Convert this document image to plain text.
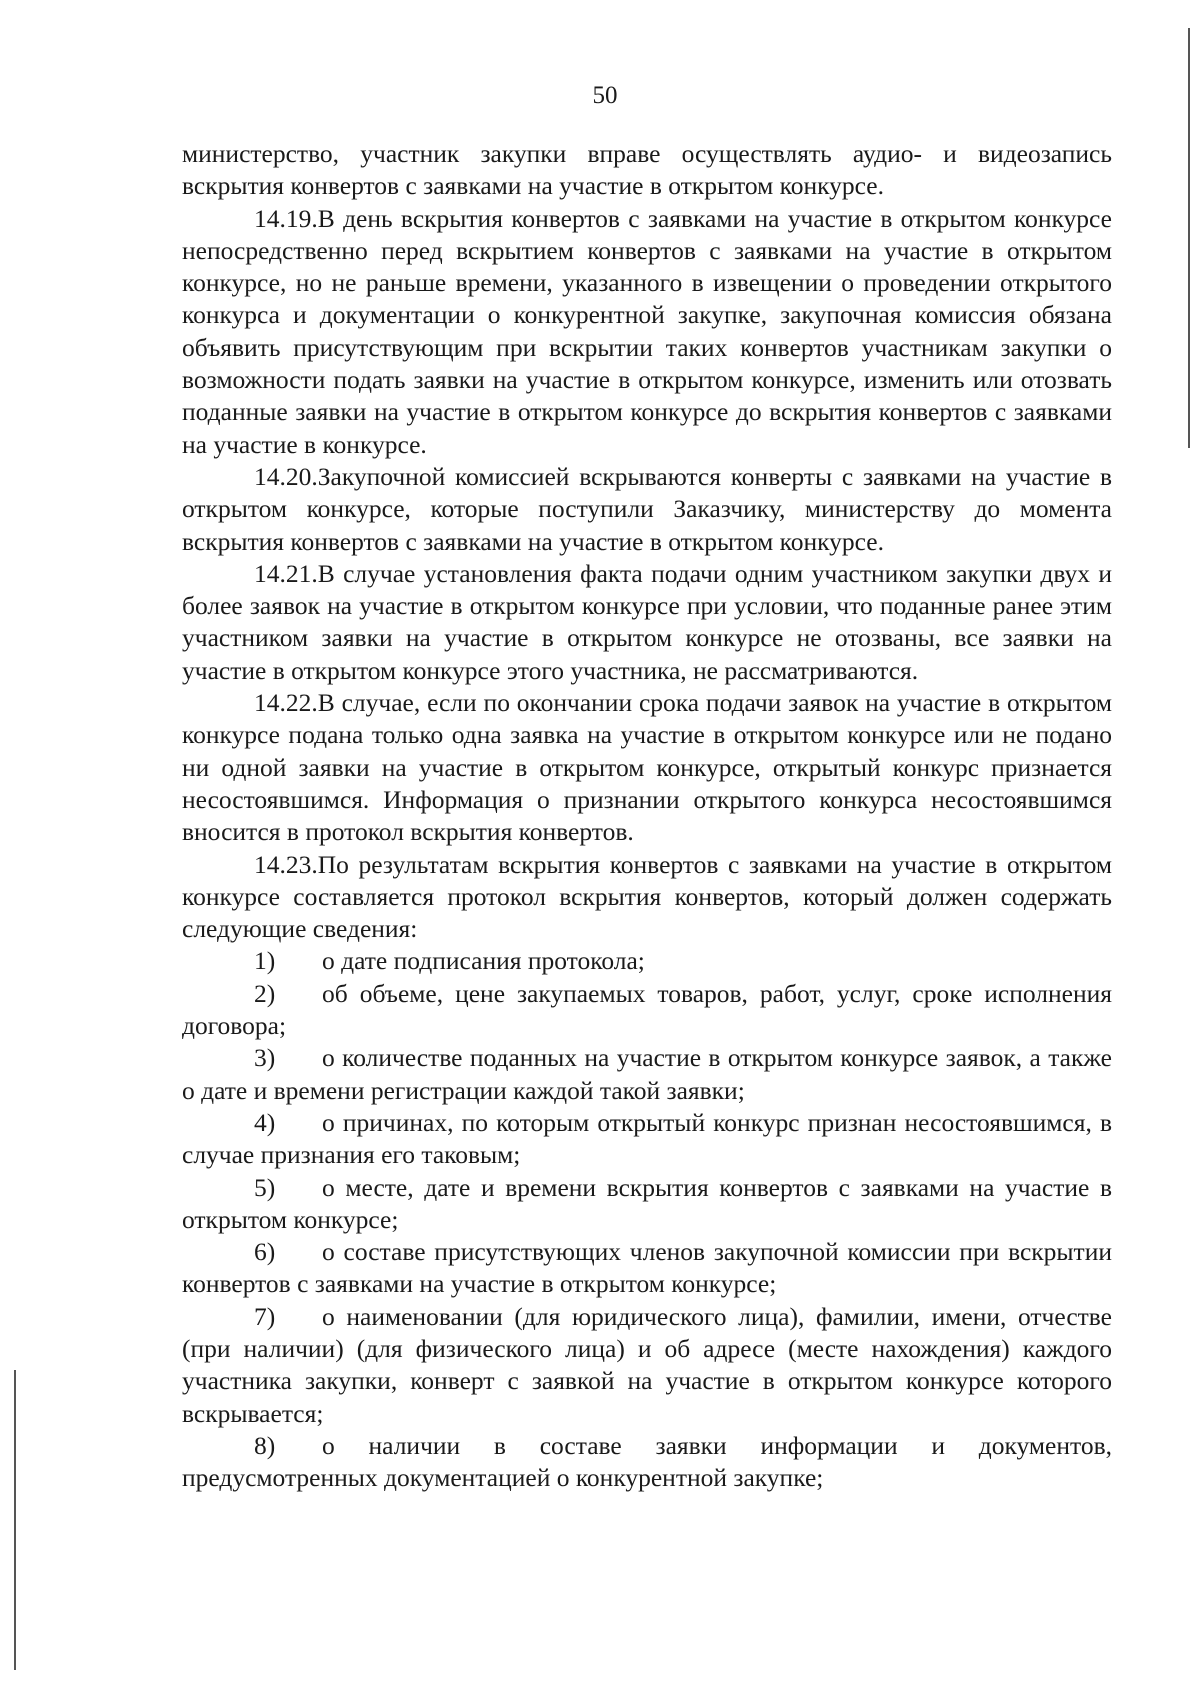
50

министерство, участник закупки вправе осуществлять аудио- и видеозапись вскрытия конвертов с заявками на участие в открытом конкурсе.

14.19.В день вскрытия конвертов с заявками на участие в открытом конкурсе непосредственно перед вскрытием конвертов с заявками на участие в открытом конкурсе, но не раньше времени, указанного в извещении о проведении открытого конкурса и документации о конкурентной закупке, закупочная комиссия обязана объявить присутствующим при вскрытии таких конвертов участникам закупки о возможности подать заявки на участие в открытом конкурсе, изменить или отозвать поданные заявки на участие в открытом конкурсе до вскрытия конвертов с заявками на участие в конкурсе.

14.20.Закупочной комиссией вскрываются конверты с заявками на участие в открытом конкурсе, которые поступили Заказчику, министерству до момента вскрытия конвертов с заявками на участие в открытом конкурсе.

14.21.В случае установления факта подачи одним участником закупки двух и более заявок на участие в открытом конкурсе при условии, что поданные ранее этим участником заявки на участие в открытом конкурсе не отозваны, все заявки на участие в открытом конкурсе этого участника, не рассматриваются.

14.22.В случае, если по окончании срока подачи заявок на участие в открытом конкурсе подана только одна заявка на участие в открытом конкурсе или не подано ни одной заявки на участие в открытом конкурсе, открытый конкурс признается несостоявшимся. Информация о признании открытого конкурса несостоявшимся вносится в протокол вскрытия конвертов.

14.23.По результатам вскрытия конвертов с заявками на участие в открытом конкурсе составляется протокол вскрытия конвертов, который должен содержать следующие сведения:

1) о дате подписания протокола;

2) об объеме, цене закупаемых товаров, работ, услуг, сроке исполнения договора;

3) о количестве поданных на участие в открытом конкурсе заявок, а также о дате и времени регистрации каждой такой заявки;

4) о причинах, по которым открытый конкурс признан несостоявшимся, в случае признания его таковым;

5) о месте, дате и времени вскрытия конвертов с заявками на участие в открытом конкурсе;

6) о составе присутствующих членов закупочной комиссии при вскрытии конвертов с заявками на участие в открытом конкурсе;

7) о наименовании (для юридического лица), фамилии, имени, отчестве (при наличии) (для физического лица) и об адресе (месте нахождения) каждого участника закупки, конверт с заявкой на участие в открытом конкурсе которого вскрывается;

8) о наличии в составе заявки информации и документов, предусмотренных документацией о конкурентной закупке;
